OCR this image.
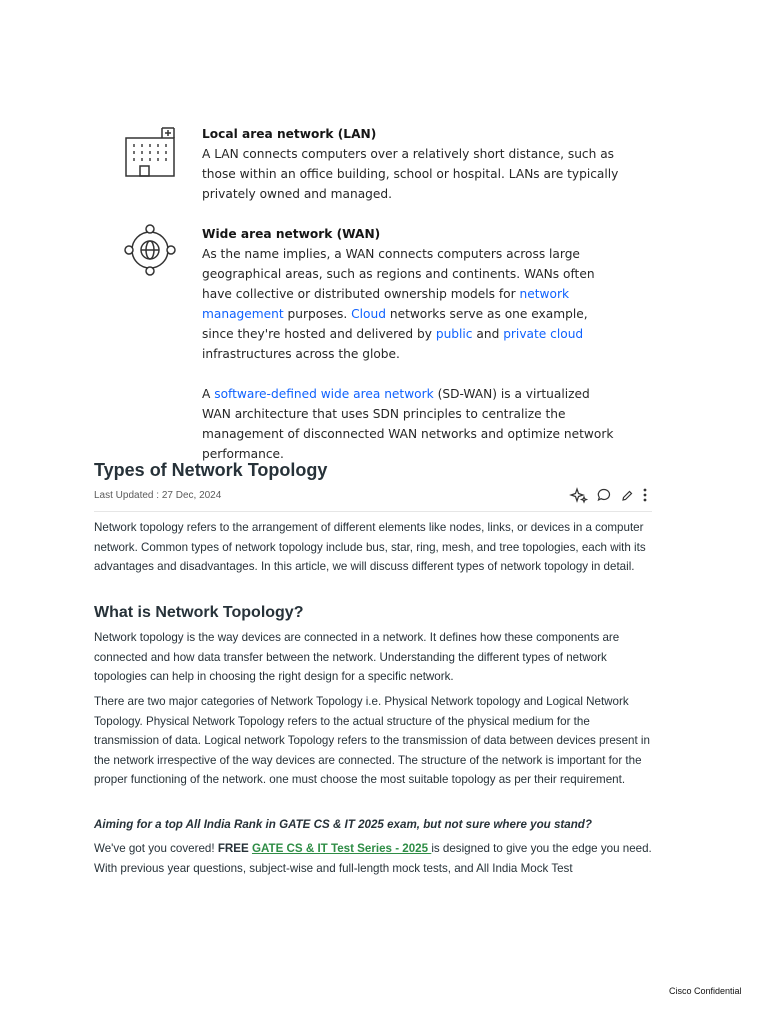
Local area network (LAN)

A LAN connects computers over a relatively short distance, such as those within an office building, school or hospital. LANs are typically privately owned and managed.

Wide area network (WAN)

As the name implies, a WAN connects computers across large geographical areas, such as regions and continents. WANs often have collective or distributed ownership models for network management purposes. Cloud networks serve as one example, since they're hosted and delivered by public and private cloud infrastructures across the globe.

A software-defined wide area network (SD-WAN) is a virtualized WAN architecture that uses SDN principles to centralize the management of disconnected WAN networks and optimize network performance.

Types of Network Topology
Last Updated : 27 Dec, 2024

Network topology refers to the arrangement of different elements like nodes, links, or devices in a computer network. Common types of network topology include bus, star, ring, mesh, and tree topologies, each with its advantages and disadvantages. In this article, we will discuss different types of network topology in detail.

What is Network Topology?

Network topology is the way devices are connected in a network. It defines how these components are connected and how data transfer between the network. Understanding the different types of network topologies can help in choosing the right design for a specific network.

There are two major categories of Network Topology i.e. Physical Network topology and Logical Network Topology. Physical Network Topology refers to the actual structure of the physical medium for the transmission of data. Logical network Topology refers to the transmission of data between devices present in the network irrespective of the way devices are connected. The structure of the network is important for the proper functioning of the network. one must choose the most suitable topology as per their requirement.

Aiming for a top All India Rank in GATE CS & IT 2025 exam, but not sure where you stand?

We've got you covered! FREE GATE CS & IT Test Series - 2025 is designed to give you the edge you need. With previous year questions, subject-wise and full-length mock tests, and All India Mock Test

Cisco Confidential
